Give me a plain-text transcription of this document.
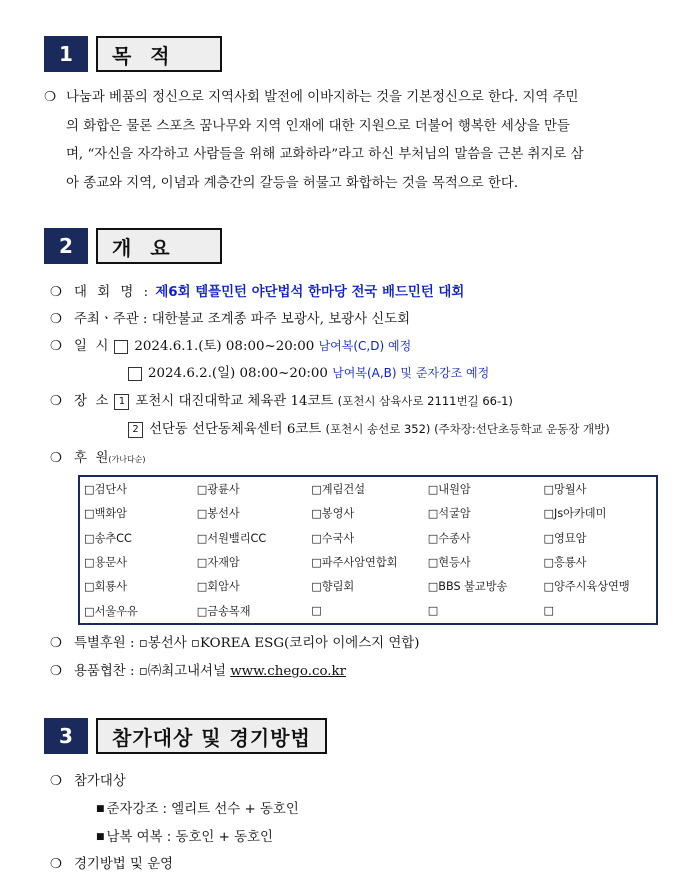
1	목 적
❍ 나눔과 베품의 정신으로 지역사회 발전에 이바지하는 것을 기본정신으로 한다. 지역 주민
의 화합은 물론 스포츠 꿈나무와 지역 인재에 대한 지원으로 더불어 행복한 세상을 만들
며, “자신을 자각하고 사람들을 위해 교화하라”라고 하신 부처님의 말씀을 근본 취지로 삼
아 종교와 지역, 이념과 계층간의 갈등을 허물고 화합하는 것을 목적으로 한다.
2	개 요
❍ 대 회 명 : 제6회 템플민턴 야단법석 한마당 전국 배드민턴 대회
❍ 주최ㆍ주관 : 대한불교 조계종 파주 보광사, 보광사 신도회
❍ 일  시 2024.6.1.(토) 08:00~20:00 남여복(C,D) 예정
2024.6.2.(일) 08:00~20:00 남여복(A,B) 및 준자강조 예정
❍ 장  소 1 포천시 대진대학교 체육관 14코트 (포천시 삼육사로 2111번길 66-1)
2 선단동 선단동체육센터 6코트 (포천시 송선로 352) (주차장:선단초등학교 운동장 개방)
❍ 후  원(가나다순)
□검단사	□광륜사	□계림건설	□내원암	□망월사
□백화암	□봉선사	□봉영사	□석굴암	□Js아카데미
□송추CC	□서원밸리CC	□수국사	□수종사	□영묘암
□용문사	□자재암	□파주사암연합회	□현등사	□흥룡사
□회룡사	□회암사	□향림회	□BBS 불교방송	□양주시육상연맹
□서울우유	□금송목재	□	□	□
❍ 특별후원 : ▫봉선사 ▫KOREA ESG(코리아 이에스지 연합)
❍ 용품협찬 : ▫㈜최고내셔널 www.chego.co.kr
3	참가대상 및 경기방법
❍ 참가대상
■ 준자강조 : 엘리트 선수 + 동호인
■ 남복 여복 : 동호인 + 동호인
❍ 경기방법 및 운영
